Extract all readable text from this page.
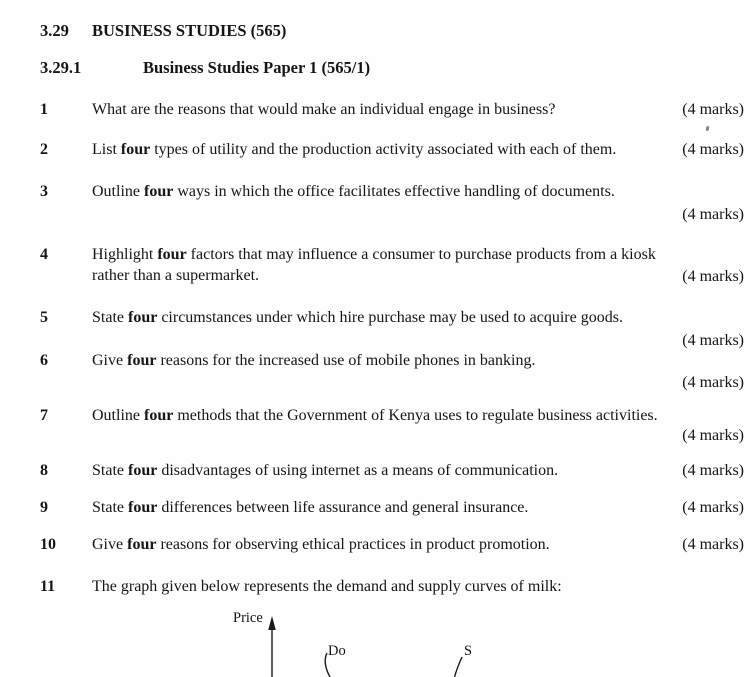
3.29 BUSINESS STUDIES (565)
3.29.1	Business Studies Paper 1 (565/1)
1	What are the reasons that would make an individual engage in business?	(4 marks)
2	List four types of utility and the production activity associated with each of them.	(4 marks)
3	Outline four ways in which the office facilitates effective handling of documents.
(4 marks)
4	Highlight four factors that may influence a consumer to purchase products from a kiosk
rather than a supermarket.	(4 marks)
5	State four circumstances under which hire purchase may be used to acquire goods.
(4 marks)
6	Give four reasons for the increased use of mobile phones in banking.
(4 marks)
7	Outline four methods that the Government of Kenya uses to regulate business activities.
(4 marks)
8	State four disadvantages of using internet as a means of communication.	(4 marks)
9	State four differences between life assurance and general insurance.	(4 marks)
10 Give four reasons for observing ethical practices in product promotion.	(4 marks)
11 The graph given below represents the demand and supply curves of milk:
Price
Do	S
